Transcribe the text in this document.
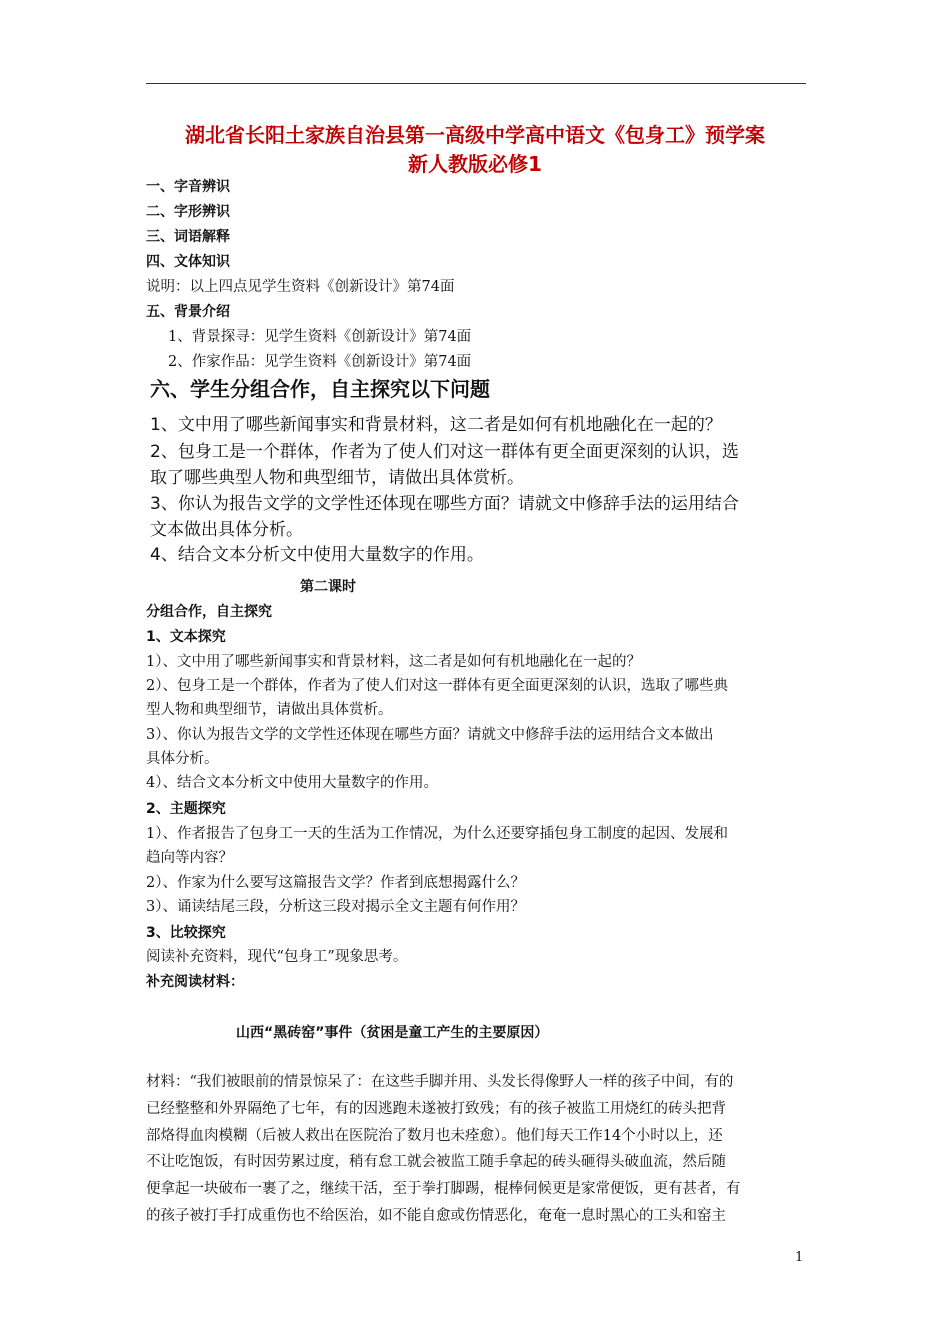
湖北省长阳土家族自治县第一高级中学高中语文《包身工》预学案
新人教版必修1
一、字音辨识
二、字形辨识
三、词语解释
四、文体知识
说明：以上四点见学生资料《创新设计》第74面
五、背景介绍
1、背景探寻：见学生资料《创新设计》第74面
2、作家作品：见学生资料《创新设计》第74面
六、学生分组合作，自主探究以下问题
1、文中用了哪些新闻事实和背景材料，这二者是如何有机地融化在一起的？
2、包身工是一个群体，作者为了使人们对这一群体有更全面更深刻的认识，选
取了哪些典型人物和典型细节，请做出具体赏析。
3、你认为报告文学的文学性还体现在哪些方面？请就文中修辞手法的运用结合
文本做出具体分析。
4、结合文本分析文中使用大量数字的作用。
第二课时
分组合作，自主探究
1、文本探究
1）、文中用了哪些新闻事实和背景材料，这二者是如何有机地融化在一起的？
2）、包身工是一个群体，作者为了使人们对这一群体有更全面更深刻的认识，选取了哪些典
型人物和典型细节，请做出具体赏析。
3）、你认为报告文学的文学性还体现在哪些方面？请就文中修辞手法的运用结合文本做出
具体分析。
4）、结合文本分析文中使用大量数字的作用。
2、主题探究
1）、作者报告了包身工一天的生活为工作情况，为什么还要穿插包身工制度的起因、发展和
趋向等内容？
2）、作家为什么要写这篇报告文学？作者到底想揭露什么？
3）、诵读结尾三段，分析这三段对揭示全文主题有何作用？
3、比较探究
阅读补充资料，现代“包身工”现象思考。
补充阅读材料：
山西“黑砖窑”事件（贫困是童工产生的主要原因）
材料：“我们被眼前的情景惊呆了：在这些手脚并用、头发长得像野人一样的孩子中间，有的
已经整整和外界隔绝了七年，有的因逃跑未遂被打致残；有的孩子被监工用烧红的砖头把背
部烙得血肉模糊（后被人救出在医院治了数月也未痊愈）。他们每天工作14个小时以上，还
不让吃饱饭，有时因劳累过度，稍有怠工就会被监工随手拿起的砖头砸得头破血流，然后随
便拿起一块破布一裹了之，继续干活，至于拳打脚踢，棍棒伺候更是家常便饭，更有甚者，有
的孩子被打手打成重伤也不给医治，如不能自愈或伤情恶化，奄奄一息时黑心的工头和窑主
1
